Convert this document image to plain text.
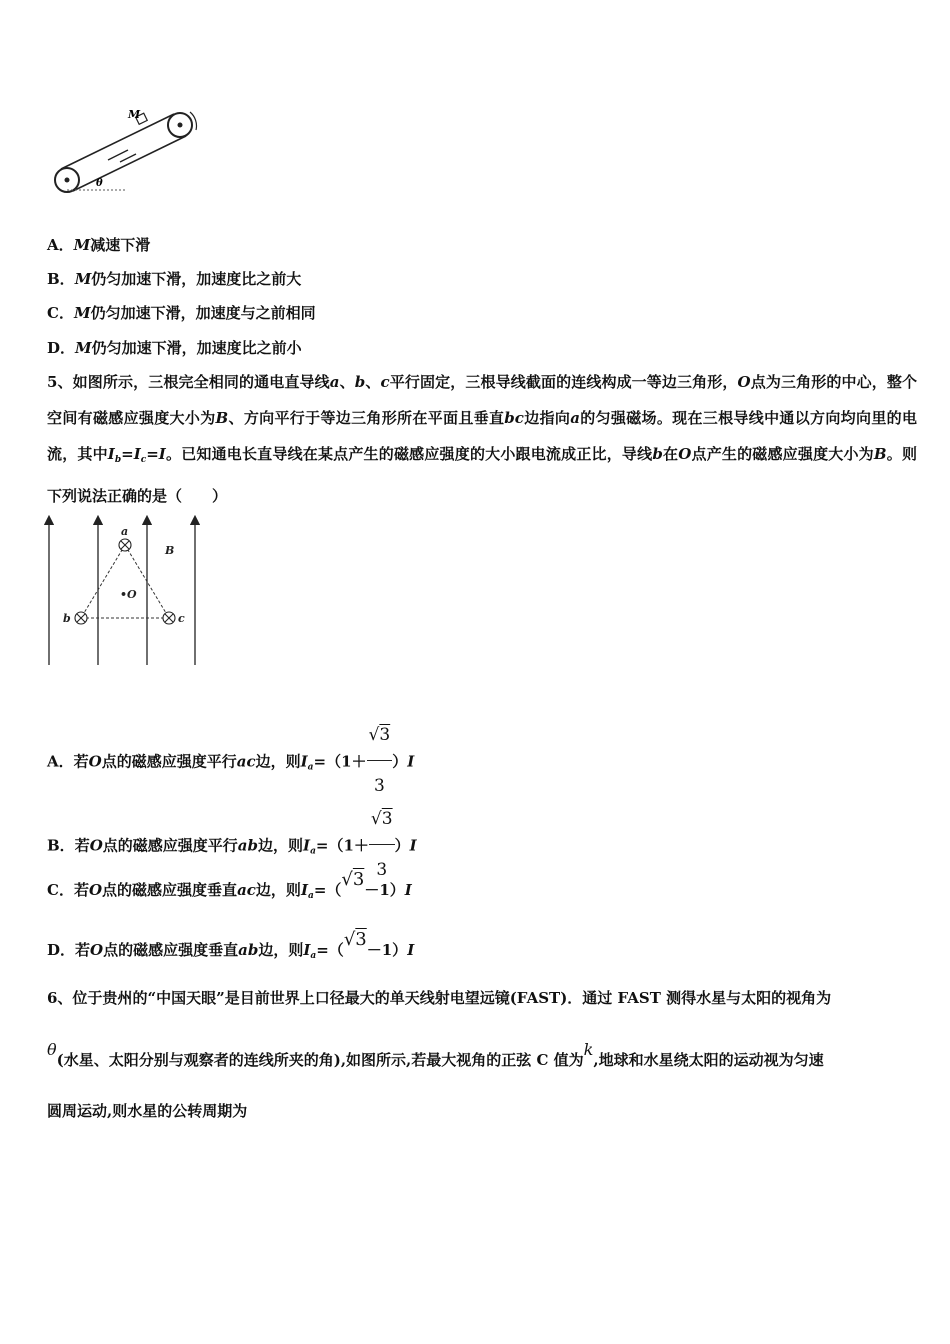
M
θ
A．M减速下滑
B．M仍匀加速下滑，加速度比之前大
C．M仍匀加速下滑，加速度与之前相同
D．M仍匀加速下滑，加速度比之前小
5、如图所示，三根完全相同的通电直导线a、b、c平行固定，三根导线截面的连线构成一等边三角形，O点为三角形的中心，整个空间有磁感应强度大小为B、方向平行于等边三角形所在平面且垂直bc边指向a的匀强磁场。现在三根导线中通以方向均向里的电流，其中$I_b=I_c=I$。已知通电长直导线在某点产生的磁感应强度的大小跟电流成正比，导线b在O点产生的磁感应强度大小为B。则下列说法正确的是（　　）
a
b	c
•O
B
A．若O点的磁感应强度平行ac边，则$I_a=(1+ \frac{√3}{3} )I$
B．若O点的磁感应强度平行ab边，则$I_a=(1+ \frac{√3}{3} )I$
C．若O点的磁感应强度垂直ac边，则$I_a=(√3-1)I$
D．若O点的磁感应强度垂直ab边，则$I_a=(√3-1)I$
6、位于贵州的“中国天眼”是目前世界上口径最大的单天线射电望远镜(FAST)．通过 FAST 测得水星与太阳的视角为
θ(水星、太阳分别与观察者的连线所夹的角),如图所示,若最大视角的正弦 C 值为k,地球和水星绕太阳的运动视为匀速
圆周运动,则水星的公转周期为
